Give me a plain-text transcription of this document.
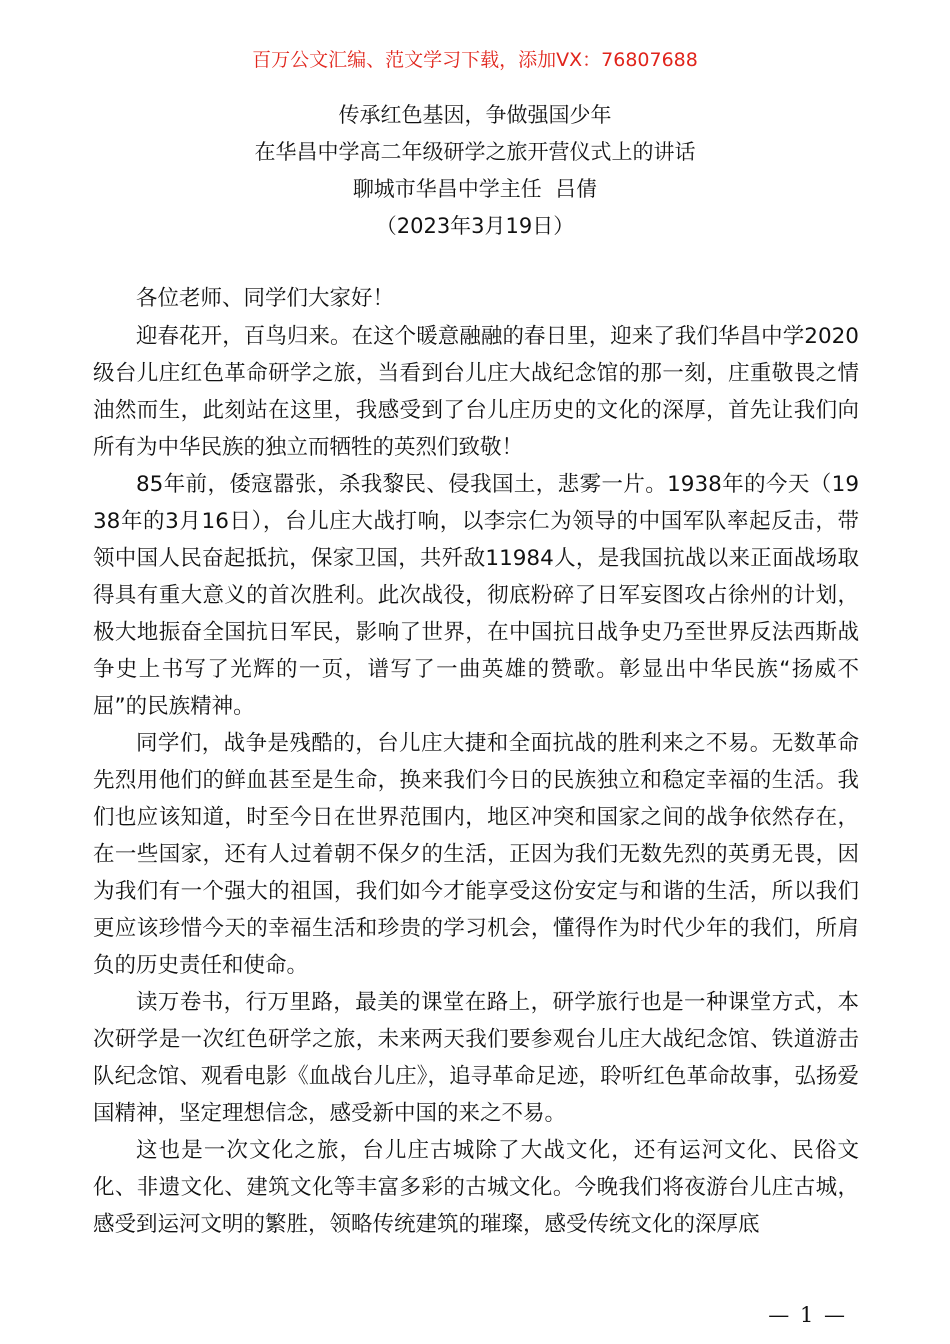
百万公文汇编、范文学习下载，添加VX：76807688
传承红色基因，争做强国少年
在华昌中学高二年级研学之旅开营仪式上的讲话
聊城市华昌中学主任  吕倩
（2023年3月19日）

各位老师、同学们大家好！

迎春花开，百鸟归来。在这个暖意融融的春日里，迎来了我们华昌中学2020级台儿庄红色革命研学之旅，当看到台儿庄大战纪念馆的那一刻，庄重敬畏之情油然而生，此刻站在这里，我感受到了台儿庄历史的文化的深厚，首先让我们向所有为中华民族的独立而牺牲的英烈们致敬！

85年前，倭寇嚣张，杀我黎民、侵我国土，悲雾一片。1938年的今天（1938年的3月16日），台儿庄大战打响，以李宗仁为领导的中国军队率起反击，带领中国人民奋起抵抗，保家卫国，共歼敌11984人，是我国抗战以来正面战场取得具有重大意义的首次胜利。此次战役，彻底粉碎了日军妄图攻占徐州的计划，极大地振奋全国抗日军民，影响了世界，在中国抗日战争史乃至世界反法西斯战争史上书写了光辉的一页，谱写了一曲英雄的赞歌。彰显出中华民族“扬威不屈”的民族精神。

同学们，战争是残酷的，台儿庄大捷和全面抗战的胜利来之不易。无数革命先烈用他们的鲜血甚至是生命，换来我们今日的民族独立和稳定幸福的生活。我们也应该知道，时至今日在世界范围内，地区冲突和国家之间的战争依然存在，在一些国家，还有人过着朝不保夕的生活，正因为我们无数先烈的英勇无畏，因为我们有一个强大的祖国，我们如今才能享受这份安定与和谐的生活，所以我们更应该珍惜今天的幸福生活和珍贵的学习机会，懂得作为时代少年的我们，所肩负的历史责任和使命。

读万卷书，行万里路，最美的课堂在路上，研学旅行也是一种课堂方式，本次研学是一次红色研学之旅，未来两天我们要参观台儿庄大战纪念馆、铁道游击队纪念馆、观看电影《血战台儿庄》，追寻革命足迹，聆听红色革命故事，弘扬爱国精神，坚定理想信念，感受新中国的来之不易。

这也是一次文化之旅，台儿庄古城除了大战文化，还有运河文化、民俗文化、非遗文化、建筑文化等丰富多彩的古城文化。今晚我们将夜游台儿庄古城，感受到运河文明的繁胜，领略传统建筑的璀璨，感受传统文化的深厚底

— 1 —
